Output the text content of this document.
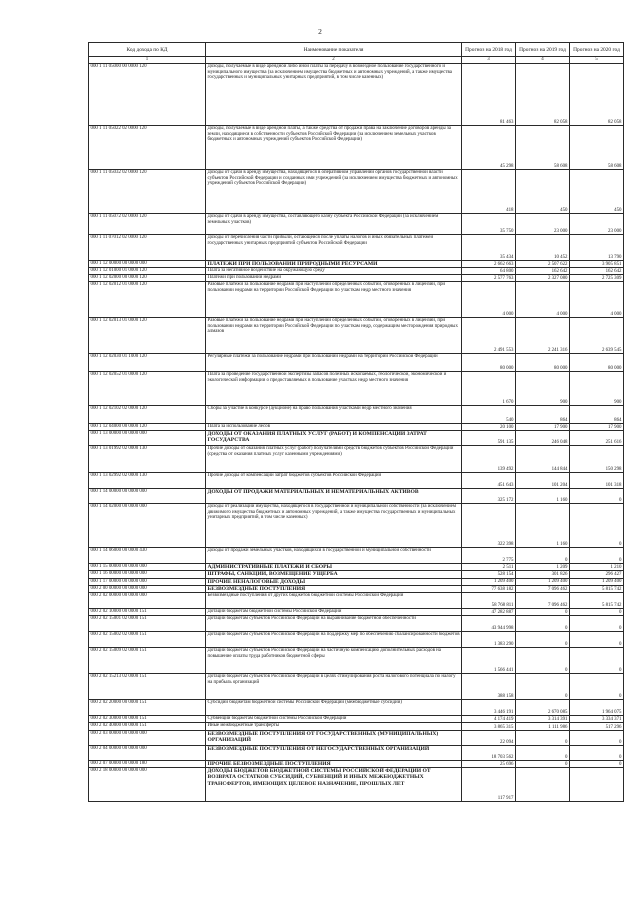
2
Код дохода по КД	Наименование показателя	Прогноз на 2018 год	Прогноз на 2019 год	Прогноз на 2020 год
1	2	3	4	5
000 1 11 05000 00 0000 120	Доходы, получаемые в виде арендной либо иной платы за передачу в возмездное пользование государственного и муниципального имущества (за исключением имущества бюджетных и автономных учреждений, а также имущества государственных и муниципальных унитарных предприятий, в том числе казенных)	81 463	82 058	82 058
000 1 11 05022 02 0000 120	Доходы, получаемые в виде арендной платы, а также средства от продажи права на заключение договоров аренды за земли, находящиеся в собственности субъектов Российской Федерации (за исключением земельных участков бюджетных и автономных учреждений субъектов Российской Федерации)	45 298	58 608	58 608
000 1 11 05032 02 0000 120	Доходы от сдачи в аренду имущества, находящегося в оперативном управлении органов государственной власти субъектов Российской Федерации и созданных ими учреждений (за исключением имущества бюджетных и автономных учреждений субъектов Российской Федерации)	418	450	450
000 1 11 05072 02 0000 120	Доходы от сдачи в аренду имущества, составляющего казну субъекта Российской Федерации (за исключением земельных участков)	35 750	23 000	23 000
000 1 11 07012 02 0000 120	Доходы от перечисления части прибыли, остающейся после уплаты налогов и иных обязательных платежей государственных унитарных предприятий субъектов Российской Федерации	35 434	10 452	13 790
000 1 12 00000 00 0000 000	ПЛАТЕЖИ ПРИ ПОЛЬЗОВАНИИ ПРИРОДНЫМИ РЕСУРСАМИ	2 662 663	2 507 622	3 905 851
000 1 12 01000 01 0000 120	Плата за негативное воздействие на окружающую среду	64 800	162 642	162 642
000 1 12 02000 00 0000 120	Платежи при пользовании недрами	2 577 763	2 327 080	2 725 309
000 1 12 02012 01 0000 120	Разовые платежи за пользование недрами при наступлении определенных событий, оговоренных в лицензии, при пользовании недрами на территории Российской Федерации по участкам недр местного значения	4 000	4 000	4 000
000 1 12 02013 01 0000 120	Разовые платежи за пользование недрами при наступлении определенных событий, оговоренных в лицензии, при пользовании недрами на территории Российской Федерации по участкам недр, содержащим месторождения природных алмазов	2 491 553	2 241 316	2 639 545
000 1 12 02030 01 1000 120	Регулярные платежи за пользование недрами при пользовании недрами на территории Российской Федерации	80 000	80 000	80 000
000 1 12 02052 01 0000 120	Плата за проведение государственной экспертизы запасов полезных ископаемых, геологической, экономической и экологической информации о предоставляемых в пользование участках недр местного значения	1 670	900	900
000 1 12 02102 02 0000 120	Сборы за участие в конкурсе (аукционе) на право пользования участками недр местного значения	540	864	864
000 1 12 04000 00 0000 120	Плата за использование лесов	20 100	17 900	17 900
000 1 13 00000 00 0000 000	ДОХОДЫ ОТ ОКАЗАНИЯ ПЛАТНЫХ УСЛУГ (РАБОТ) И КОМПЕНСАЦИИ ЗАТРАТ ГОСУДАРСТВА	591 135	246 048	251 616
000 1 13 01992 02 0000 130	Прочие доходы от оказания платных услуг (работ) получателями средств бюджетов субъектов Российской Федерации (средства от оказания платных услуг казенными учреждениями)	139 492	144 844	150 298
000 1 13 02992 02 0000 130	Прочие доходы от компенсации затрат бюджетов субъектов Российской Федерации	451 643	101 204	101 318
000 1 14 00000 00 0000 000	ДОХОДЫ ОТ ПРОДАЖИ МАТЕРИАЛЬНЫХ И НЕМАТЕРИАЛЬНЫХ АКТИВОВ	325 172	1 160	0
000 1 14 02000 00 0000 000	Доходы от реализации имущества, находящегося в государственной и муниципальной собственности (за исключением движимого имущества бюджетных и автономных учреждений, а также имущества государственных и муниципальных унитарных предприятий, в том числе казенных)	322 398	1 160	0
000 1 14 06000 00 0000 430	Доходы от продажи земельных участков, находящихся в государственной и муниципальной собственности	2 775	0	0
000 1 15 00000 00 0000 000	АДМИНИСТРАТИВНЫЕ ПЛАТЕЖИ И СБОРЫ	2 511	1 209	1 210
000 1 16 00000 00 0000 000	ШТРАФЫ, САНКЦИИ, ВОЗМЕЩЕНИЕ УЩЕРБА	528 154	301 826	296 427
000 1 17 00000 00 0000 000	ПРОЧИЕ НЕНАЛОГОВЫЕ ДОХОДЫ	1 209 400	1 209 400	1 209 400
000 2 00 00000 00 0000 000	БЕЗВОЗМЕЗДНЫЕ ПОСТУПЛЕНИЯ	77 638 182	7 096 462	5 815 742
000 2 02 00000 00 0000 000	Безвозмездные поступления от других бюджетов бюджетной системы Российской Федерации	58 768 811	7 096 462	5 815 742
000 2 02 10000 00 0000 151	Дотации бюджетам бюджетной системы Российской Федерации	47 282 887	0	0
000 2 02 15001 02 0000 151	Дотации бюджетам субъектов Российской Федерации на выравнивание бюджетной обеспеченности	43 944 998	0	0
000 2 02 15002 02 0000 151	Дотации бюджетам субъектов Российской Федерации на поддержку мер по обеспечению сбалансированности бюджетов	1 383 290	0	0
000 2 02 15009 02 0000 151	Дотации бюджетам субъектов Российской Федерации на частичную компенсацию дополнительных расходов на повышение оплаты труда работников бюджетной сферы	1 566 441	0	0
000 2 02 15213 02 0000 151	Дотации бюджетам субъектов Российской Федерации в целях стимулирования роста налогового потенциала по налогу на прибыль организаций	388 158	0	0
000 2 02 20000 00 0000 151	Субсидии бюджетам бюджетной системы Российской Федерации (межбюджетные субсидии)	3 446 191	2 670 085	1 964 075
000 2 02 30000 00 0000 151	Субвенции бюджетам бюджетной системы Российской Федерации	4 174 419	3 314 391	3 334 371
000 2 02 40000 00 0000 151	Иные межбюджетные трансферты	3 865 315	1 111 986	517 296
000 2 03 00000 00 0000 000	БЕЗВОЗМЕЗДНЫЕ ПОСТУПЛЕНИЯ ОТ ГОСУДАРСТВЕННЫХ (МУНИЦИПАЛЬНЫХ) ОРГАНИЗАЦИЙ	22 094	0	0
000 2 04 00000 00 0000 000	БЕЗВОЗМЕЗДНЫЕ ПОСТУПЛЕНИЯ ОТ НЕГОСУДАРСТВЕННЫХ ОРГАНИЗАЦИЙ	18 703 562	0	0
000 2 07 00000 00 0000 180	ПРОЧИЕ БЕЗВОЗМЕЗДНЫЕ ПОСТУПЛЕНИЯ	25 696	0	0
000 2 18 00000 00 0000 000	ДОХОДЫ БЮДЖЕТОВ БЮДЖЕТНОЙ СИСТЕМЫ РОССИЙСКОЙ ФЕДЕРАЦИИ ОТ ВОЗВРАТА ОСТАТКОВ СУБСИДИЙ, СУБВЕНЦИЙ И ИНЫХ МЕЖБЮДЖЕТНЫХ ТРАНСФЕРТОВ, ИМЕЮЩИХ ЦЕЛЕВОЕ НАЗНАЧЕНИЕ, ПРОШЛЫХ ЛЕТ	117 917		
